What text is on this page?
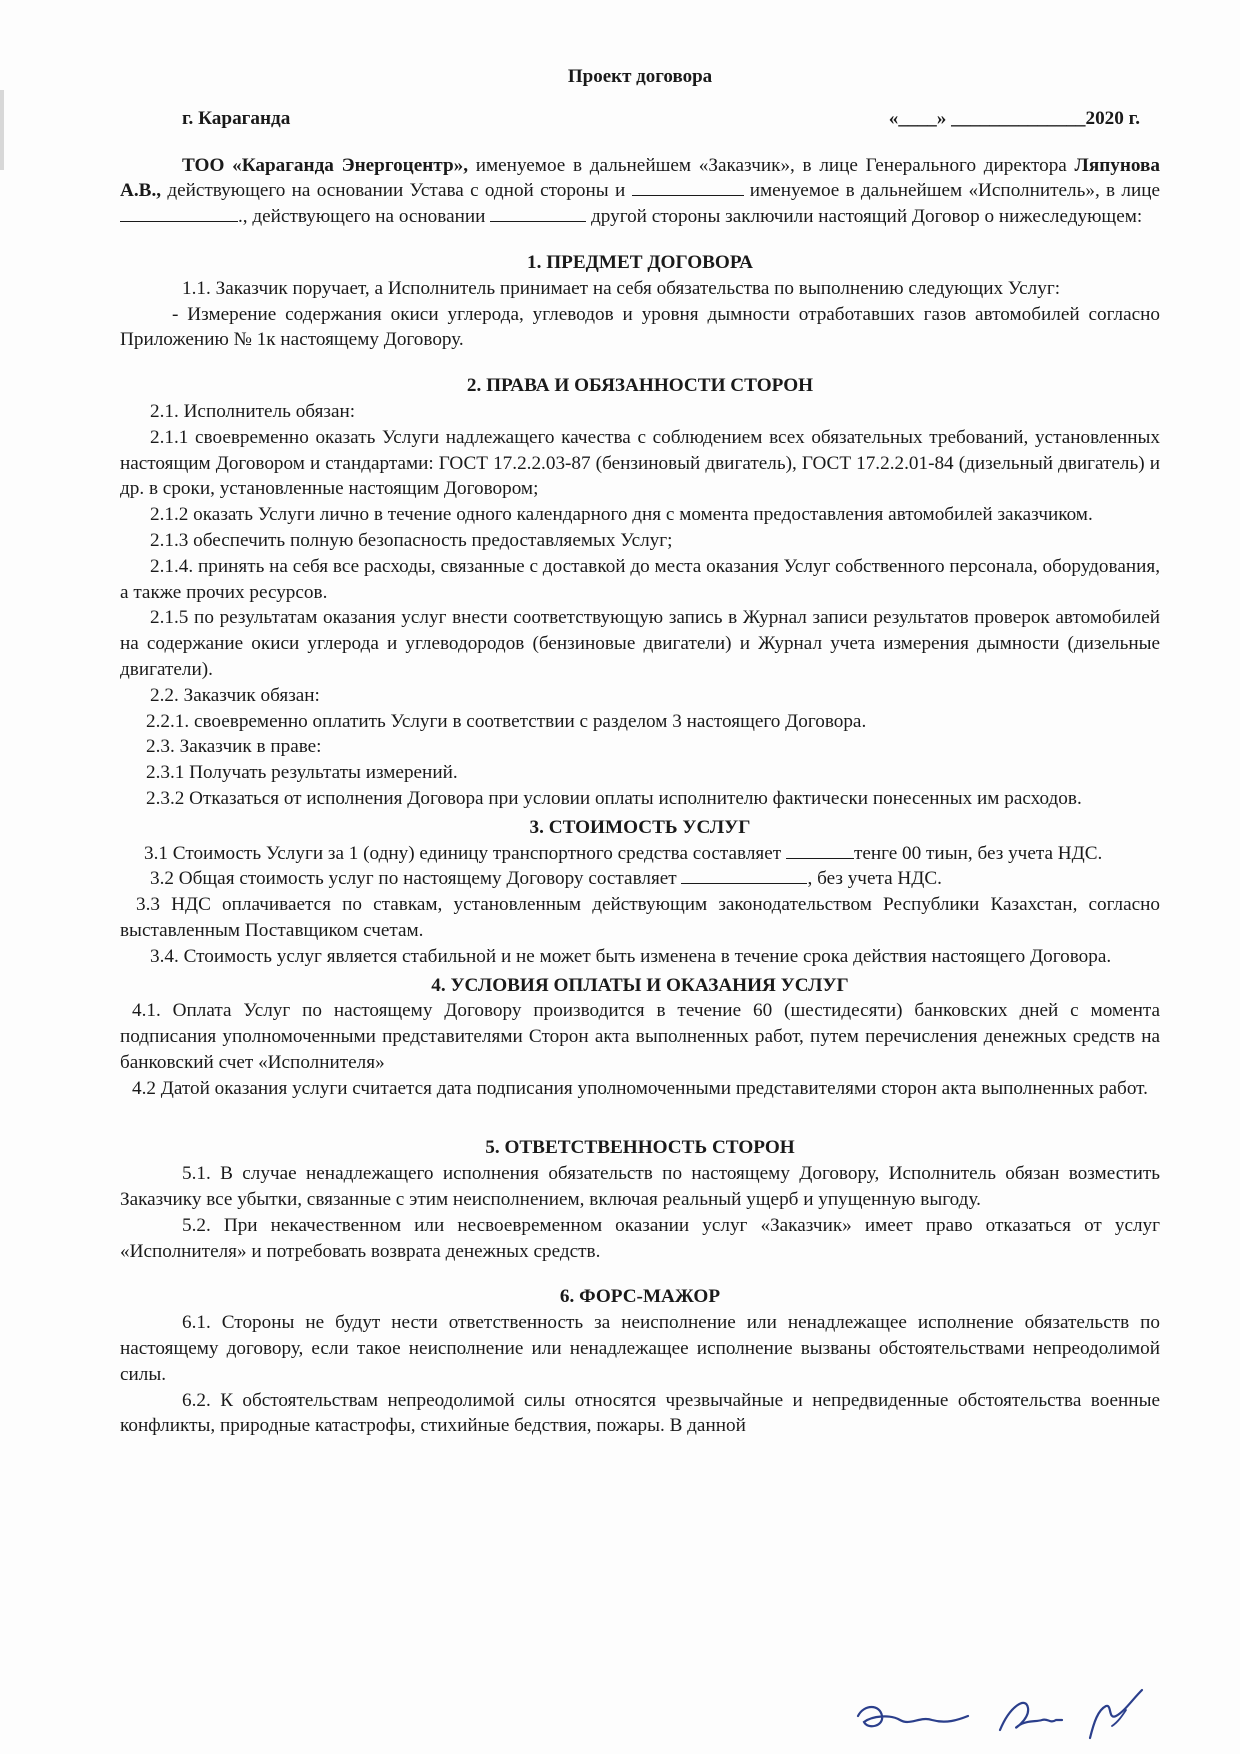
Проект договора

г. Караганда	«____» ______________2020 г.

ТОО «Караганда Энергоцентр», именуемое в дальнейшем «Заказчик», в лице Генерального директора Ляпунова А.В., действующего на основании Устава с одной стороны и	именуемое в дальнейшем «Исполнитель», в лице ., действующего на основании	другой стороны заключили настоящий Договор о нижеследующем:

1. ПРЕДМЕТ ДОГОВОРА

1.1. Заказчик поручает, а Исполнитель принимает на себя обязательства по выполнению следующих Услуг:

- Измерение содержания окиси углерода, углеводов и уровня дымности отработавших газов автомобилей согласно Приложению № 1к настоящему Договору.

2. ПРАВА И ОБЯЗАННОСТИ СТОРОН

2.1. Исполнитель обязан:

2.1.1 своевременно оказать Услуги надлежащего качества с соблюдением всех обязательных требований, установленных настоящим Договором и стандартами: ГОСТ 17.2.2.03-87 (бензиновый двигатель), ГОСТ 17.2.2.01-84 (дизельный двигатель) и др. в сроки, установленные настоящим Договором;

2.1.2 оказать Услуги лично в течение одного календарного дня с момента предоставления автомобилей заказчиком.

2.1.3 обеспечить полную безопасность предоставляемых Услуг;

2.1.4. принять на себя все расходы, связанные с доставкой до места оказания Услуг собственного персонала, оборудования, а также прочих ресурсов.

2.1.5 по результатам оказания услуг внести соответствующую запись в Журнал записи результатов проверок автомобилей на содержание окиси углерода и углеводородов (бензиновые двигатели) и Журнал учета измерения дымности (дизельные двигатели).

2.2. Заказчик обязан:

2.2.1. своевременно оплатить Услуги в соответствии с разделом 3 настоящего Договора.

2.3. Заказчик в праве:

2.3.1 Получать результаты измерений.

2.3.2 Отказаться от исполнения Договора при условии оплаты исполнителю фактически понесенных им расходов.

3. СТОИМОСТЬ УСЛУГ

3.1 Стоимость Услуги за 1 (одну) единицу транспортного средства составляет	тенге 00 тиын, без учета НДС.

3.2 Общая стоимость услуг по настоящему Договору составляет	, без учета НДС.

3.3 НДС оплачивается по ставкам, установленным действующим законодательством Республики Казахстан, согласно выставленным Поставщиком счетам.

3.4. Стоимость услуг является стабильной и не может быть изменена в течение срока действия настоящего Договора.

4. УСЛОВИЯ ОПЛАТЫ И ОКАЗАНИЯ УСЛУГ

4.1. Оплата Услуг по настоящему Договору производится в течение 60 (шестидесяти) банковских дней с момента подписания уполномоченными представителями Сторон акта выполненных работ, путем перечисления денежных средств на банковский счет «Исполнителя»

4.2 Датой оказания услуги считается дата подписания уполномоченными представителями сторон акта выполненных работ.

5. ОТВЕТСТВЕННОСТЬ СТОРОН

5.1. В случае ненадлежащего исполнения обязательств по настоящему Договору, Исполнитель обязан возместить Заказчику все убытки, связанные с этим неисполнением, включая реальный ущерб и упущенную выгоду.

5.2. При некачественном или несвоевременном оказании услуг «Заказчик» имеет право отказаться от услуг «Исполнителя» и потребовать возврата денежных средств.

6. ФОРС-МАЖОР

6.1. Стороны не будут нести ответственность за неисполнение или ненадлежащее исполнение обязательств по настоящему договору, если такое неисполнение или ненадлежащее исполнение вызваны обстоятельствами непреодолимой силы.

6.2. К обстоятельствам непреодолимой силы относятся чрезвычайные и непредвиденные обстоятельства военные конфликты, природные катастрофы, стихийные бедствия, пожары. В данной
